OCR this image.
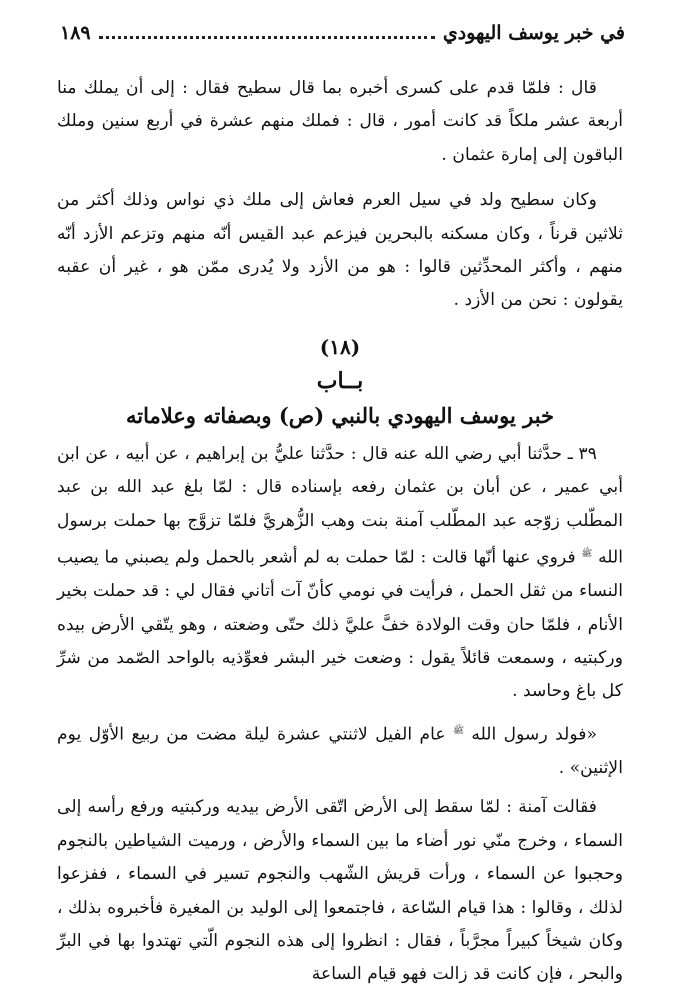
في خبر يوسف اليهودي
١٨٩

قال : فلمّا قدم على كسرى أخبره بما قال سطيح فقال : إلى أن يملك منا أربعة عشر ملكاً قد كانت أمور ، قال : فملك منهم عشرة في أربع سنين وملك الباقون إلى إمارة عثمان .

وكان سطيح ولد في سيل العرم فعاش إلى ملك ذي نواس وذلك أكثر من ثلاثين قرناً ، وكان مسكنه بالبحرين فيزعم عبد القيس أنّه منهم وتزعم الأزد أنّه منهم ، وأكثر المحدِّثين قالوا : هو من الأزد ولا يُدرى ممّن هو ، غير أن عقبه يقولون : نحن من الأزد .

(١٨)
بــاب
خبر يوسف اليهودي بالنبي (ص) وبصفاته وعلاماته

٣٩ ـ حدَّثنا أبي رضي الله عنه قال : حدَّثنا عليُّ بن إبراهيم ، عن أبيه ، عن ابن أبي عمير ، عن أبان بن عثمان رفعه بإسناده قال : لمّا بلغ عبد الله بن عبد المطّلب زوّجه عبد المطّلب آمنة بنت وهب الزُّهريَّ فلمّا تزوَّج بها حملت برسول الله $^ﷺ$ فروي عنها أنّها قالت : لمّا حملت به لم أشعر بالحمل ولم يصبني ما يصيب النساء من ثقل الحمل ، فرأيت في نومي كأنّ آت أتاني فقال لي : قد حملت بخير الأنام ، فلمّا حان وقت الولادة خفَّ عليَّ ذلك حتّى وضعته ، وهو يتّقي الأرض بيده وركبتيه ، وسمعت قائلاً يقول : وضعت خير البشر فعوِّذيه بالواحد الصّمد من شرِّ كل باغ وحاسد .

«فولد رسول الله $^ﷺ$ عام الفيل لاثنتي عشرة ليلة مضت من ربيع الأوّل يوم الإثنين» .

فقالت آمنة : لمّا سقط إلى الأرض اتّقى الأرض بيديه وركبتيه ورفع رأسه إلى السماء ، وخرج منّي نور أضاء ما بين السماء والأرض ، ورميت الشياطين بالنجوم وحجبوا عن السماء ، ورأت قريش الشّهب والنجوم تسير في السماء ، ففزعوا لذلك ، وقالوا : هذا قيام السّاعة ، فاجتمعوا إلى الوليد بن المغيرة فأخبروه بذلك ، وكان شيخاً كبيراً مجرَّباً ، فقال : انظروا إلى هذه النجوم الّتي تهتدوا بها في البرِّ والبحر ، فإن كانت قد زالت فهو قيام الساعة
